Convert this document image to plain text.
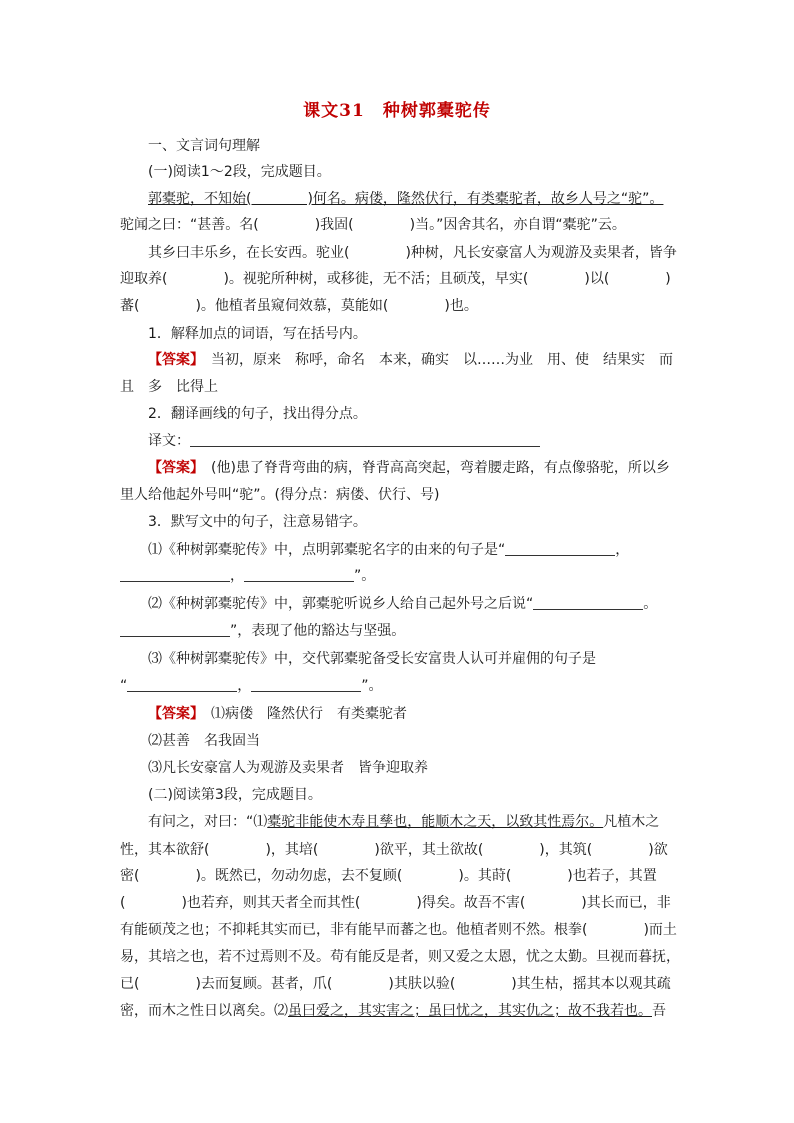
课文31　种树郭橐驼传
一、文言词句理解
(一)阅读1～2段，完成题目。
郭橐驼，不知始(　　　　)何名。病偻，隆然伏行，有类橐驼者，故乡人号之“驼”。
驼闻之曰：“甚善。名(　　　　)我固(　　　　)当。”因舍其名，亦自谓“橐驼”云。
其乡曰丰乐乡，在长安西。驼业(　　　　)种树，凡长安豪富人为观游及卖果者，皆争
迎取养(　　　　)。视驼所种树，或移徙，无不活；且硕茂，早实(　　　　)以(　　　　)
蕃(　　　　)。他植者虽窥伺效慕，莫能如(　　　　)也。
1．解释加点的词语，写在括号内。
【答案】　当初，原来　称呼，命名　本来，确实　以……为业　用、使　结果实　而
且　多　比得上
2．翻译画线的句子，找出得分点。
译文：
【答案】　(他)患了脊背弯曲的病，脊背高高突起，弯着腰走路，有点像骆驼，所以乡
里人给他起外号叫“驼”。(得分点：病偻、伏行、号)
3．默写文中的句子，注意易错字。
⑴《种树郭橐驼传》中，点明郭橐驼名字的由来的句子是“	，
，	”。
⑵《种树郭橐驼传》中，郭橐驼听说乡人给自己起外号之后说“	。
”，表现了他的豁达与坚强。
⑶《种树郭橐驼传》中，交代郭橐驼备受长安富贵人认可并雇佣的句子是
“	，	”。
【答案】　⑴病偻　隆然伏行　有类橐驼者
⑵甚善　名我固当
⑶凡长安豪富人为观游及卖果者　皆争迎取养
(二)阅读第3段，完成题目。
有问之，对曰：“⑴橐驼非能使木寿且孳也，能顺木之天，以致其性焉尔。凡植木之
性，其本欲舒(　　　　)，其培(　　　　)欲平，其土欲故(　　　　)，其筑(　　　　)欲
密(　　　　)。既然已，勿动勿虑，去不复顾(　　　　)。其莳(　　　　)也若子，其置
(　　　　)也若弃，则其天者全而其性(　　　　)得矣。故吾不害(　　　　)其长而已，非
有能硕茂之也；不抑耗其实而已，非有能早而蕃之也。他植者则不然。根拳(　　　　)而土
易，其培之也，若不过焉则不及。苟有能反是者，则又爱之太恩，忧之太勤。旦视而暮抚，
已(　　　　)去而复顾。甚者，爪(　　　　)其肤以验(　　　　)其生枯，摇其本以观其疏
密，而木之性日以离矣。⑵虽曰爱之，其实害之；虽曰忧之，其实仇之；故不我若也。吾
